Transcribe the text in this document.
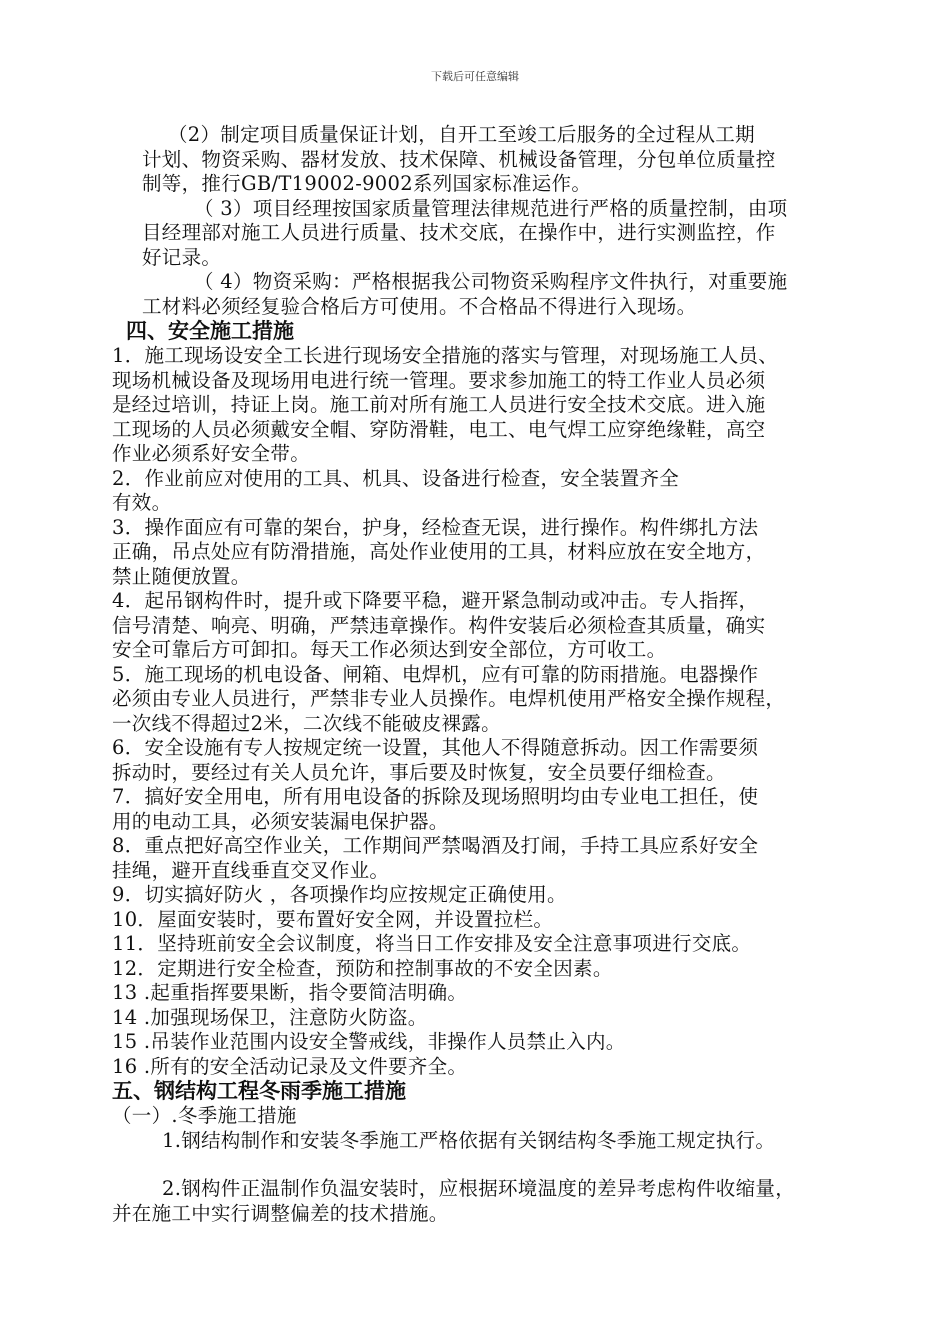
下载后可任意编辑
（2）制定项目质量保证计划，自开工至竣工后服务的全过程从工期
计划、物资采购、器材发放、技术保障、机械设备管理，分包单位质量控
制等，推行GB/T19002-9002系列国家标准运作。
（ 3）项目经理按国家质量管理法律规范进行严格的质量控制，由项
目经理部对施工人员进行质量、技术交底，在操作中，进行实测监控，作
好记录。
（ 4）物资采购：严格根据我公司物资采购程序文件执行，对重要施
工材料必须经复验合格后方可使用。不合格品不得进行入现场。
四、安全施工措施
1．施工现场设安全工长进行现场安全措施的落实与管理，对现场施工人员、
现场机械设备及现场用电进行统一管理。要求参加施工的特工作业人员必须
是经过培训，持证上岗。施工前对所有施工人员进行安全技术交底。进入施
工现场的人员必须戴安全帽、穿防滑鞋，电工、电气焊工应穿绝缘鞋，高空
作业必须系好安全带。
2．作业前应对使用的工具、机具、设备进行检查，安全装置齐全
有效。
3．操作面应有可靠的架台，护身，经检查无误，进行操作。构件绑扎方法
正确，吊点处应有防滑措施，高处作业使用的工具，材料应放在安全地方，
禁止随便放置。
4．起吊钢构件时，提升或下降要平稳，避开紧急制动或冲击。专人指挥，
信号清楚、响亮、明确，严禁违章操作。构件安装后必须检查其质量，确实
安全可靠后方可卸扣。每天工作必须达到安全部位，方可收工。
5．施工现场的机电设备、闸箱、电焊机，应有可靠的防雨措施。电器操作
必须由专业人员进行，严禁非专业人员操作。电焊机使用严格安全操作规程，
一次线不得超过2米，二次线不能破皮裸露。
6．安全设施有专人按规定统一设置，其他人不得随意拆动。因工作需要须
拆动时，要经过有关人员允许，事后要及时恢复，安全员要仔细检查。
7．搞好安全用电，所有用电设备的拆除及现场照明均由专业电工担任，使
用的电动工具，必须安装漏电保护器。
8．重点把好高空作业关，工作期间严禁喝酒及打闹，手持工具应系好安全
挂绳，避开直线垂直交叉作业。
9．切实搞好防火 ，各项操作均应按规定正确使用。
10．屋面安装时，要布置好安全网，并设置拉栏。
11．坚持班前安全会议制度，将当日工作安排及安全注意事项进行交底。
12．定期进行安全检查，预防和控制事故的不安全因素。
13 .起重指挥要果断，指令要简洁明确。
14 .加强现场保卫，注意防火防盗。
15 .吊装作业范围内设安全警戒线，非操作人员禁止入内。
16 .所有的安全活动记录及文件要齐全。
五、钢结构工程冬雨季施工措施
（一）.冬季施工措施
1.钢结构制作和安装冬季施工严格依据有关钢结构冬季施工规定执行。
2.钢构件正温制作负温安装时，应根据环境温度的差异考虑构件收缩量，
并在施工中实行调整偏差的技术措施。
